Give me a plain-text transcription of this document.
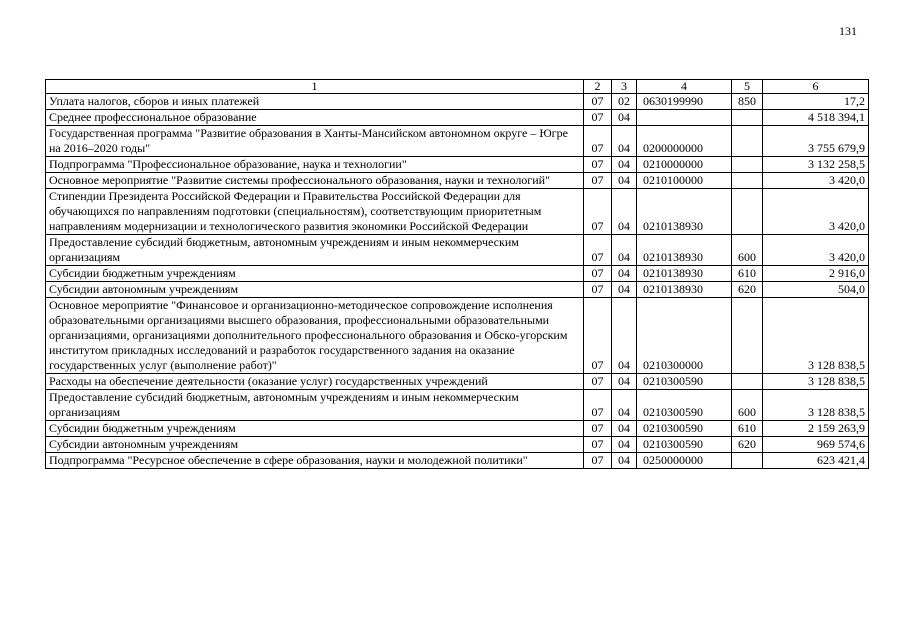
131
1	2	3	4	5	6
Уплата налогов, сборов и иных платежей	07	02	0630199990	850	17,2
Среднее профессиональное образование	07	04			4 518 394,1
Государственная программа "Развитие образования в Ханты-Мансийском автономном округе – Югре на 2016–2020 годы"	07	04	0200000000		3 755 679,9
Подпрограмма "Профессиональное образование, наука и технологии"	07	04	0210000000		3 132 258,5
Основное мероприятие "Развитие системы профессионального образования, науки и технологий"	07	04	0210100000		3 420,0
Стипендии Президента Российской Федерации и Правительства Российской Федерации для обучающихся по направлениям подготовки (специальностям), соответствующим приоритетным направлениям модернизации и технологического развития экономики Российской Федерации	07	04	0210138930		3 420,0
Предоставление субсидий бюджетным, автономным учреждениям и иным некоммерческим организациям	07	04	0210138930	600	3 420,0
Субсидии бюджетным учреждениям	07	04	0210138930	610	2 916,0
Субсидии автономным учреждениям	07	04	0210138930	620	504,0
Основное мероприятие "Финансовое и организационно-методическое сопровождение исполнения образовательными организациями высшего образования, профессиональными образовательными организациями, организациями дополнительного профессионального образования и Обско-угорским институтом прикладных исследований и разработок государственного задания на оказание государственных услуг (выполнение работ)"	07	04	0210300000		3 128 838,5
Расходы на обеспечение деятельности (оказание услуг) государственных учреждений	07	04	0210300590		3 128 838,5
Предоставление субсидий бюджетным, автономным учреждениям и иным некоммерческим организациям	07	04	0210300590	600	3 128 838,5
Субсидии бюджетным учреждениям	07	04	0210300590	610	2 159 263,9
Субсидии автономным учреждениям	07	04	0210300590	620	969 574,6
Подпрограмма "Ресурсное обеспечение в сфере образования, науки и молодежной политики"	07	04	0250000000		623 421,4
